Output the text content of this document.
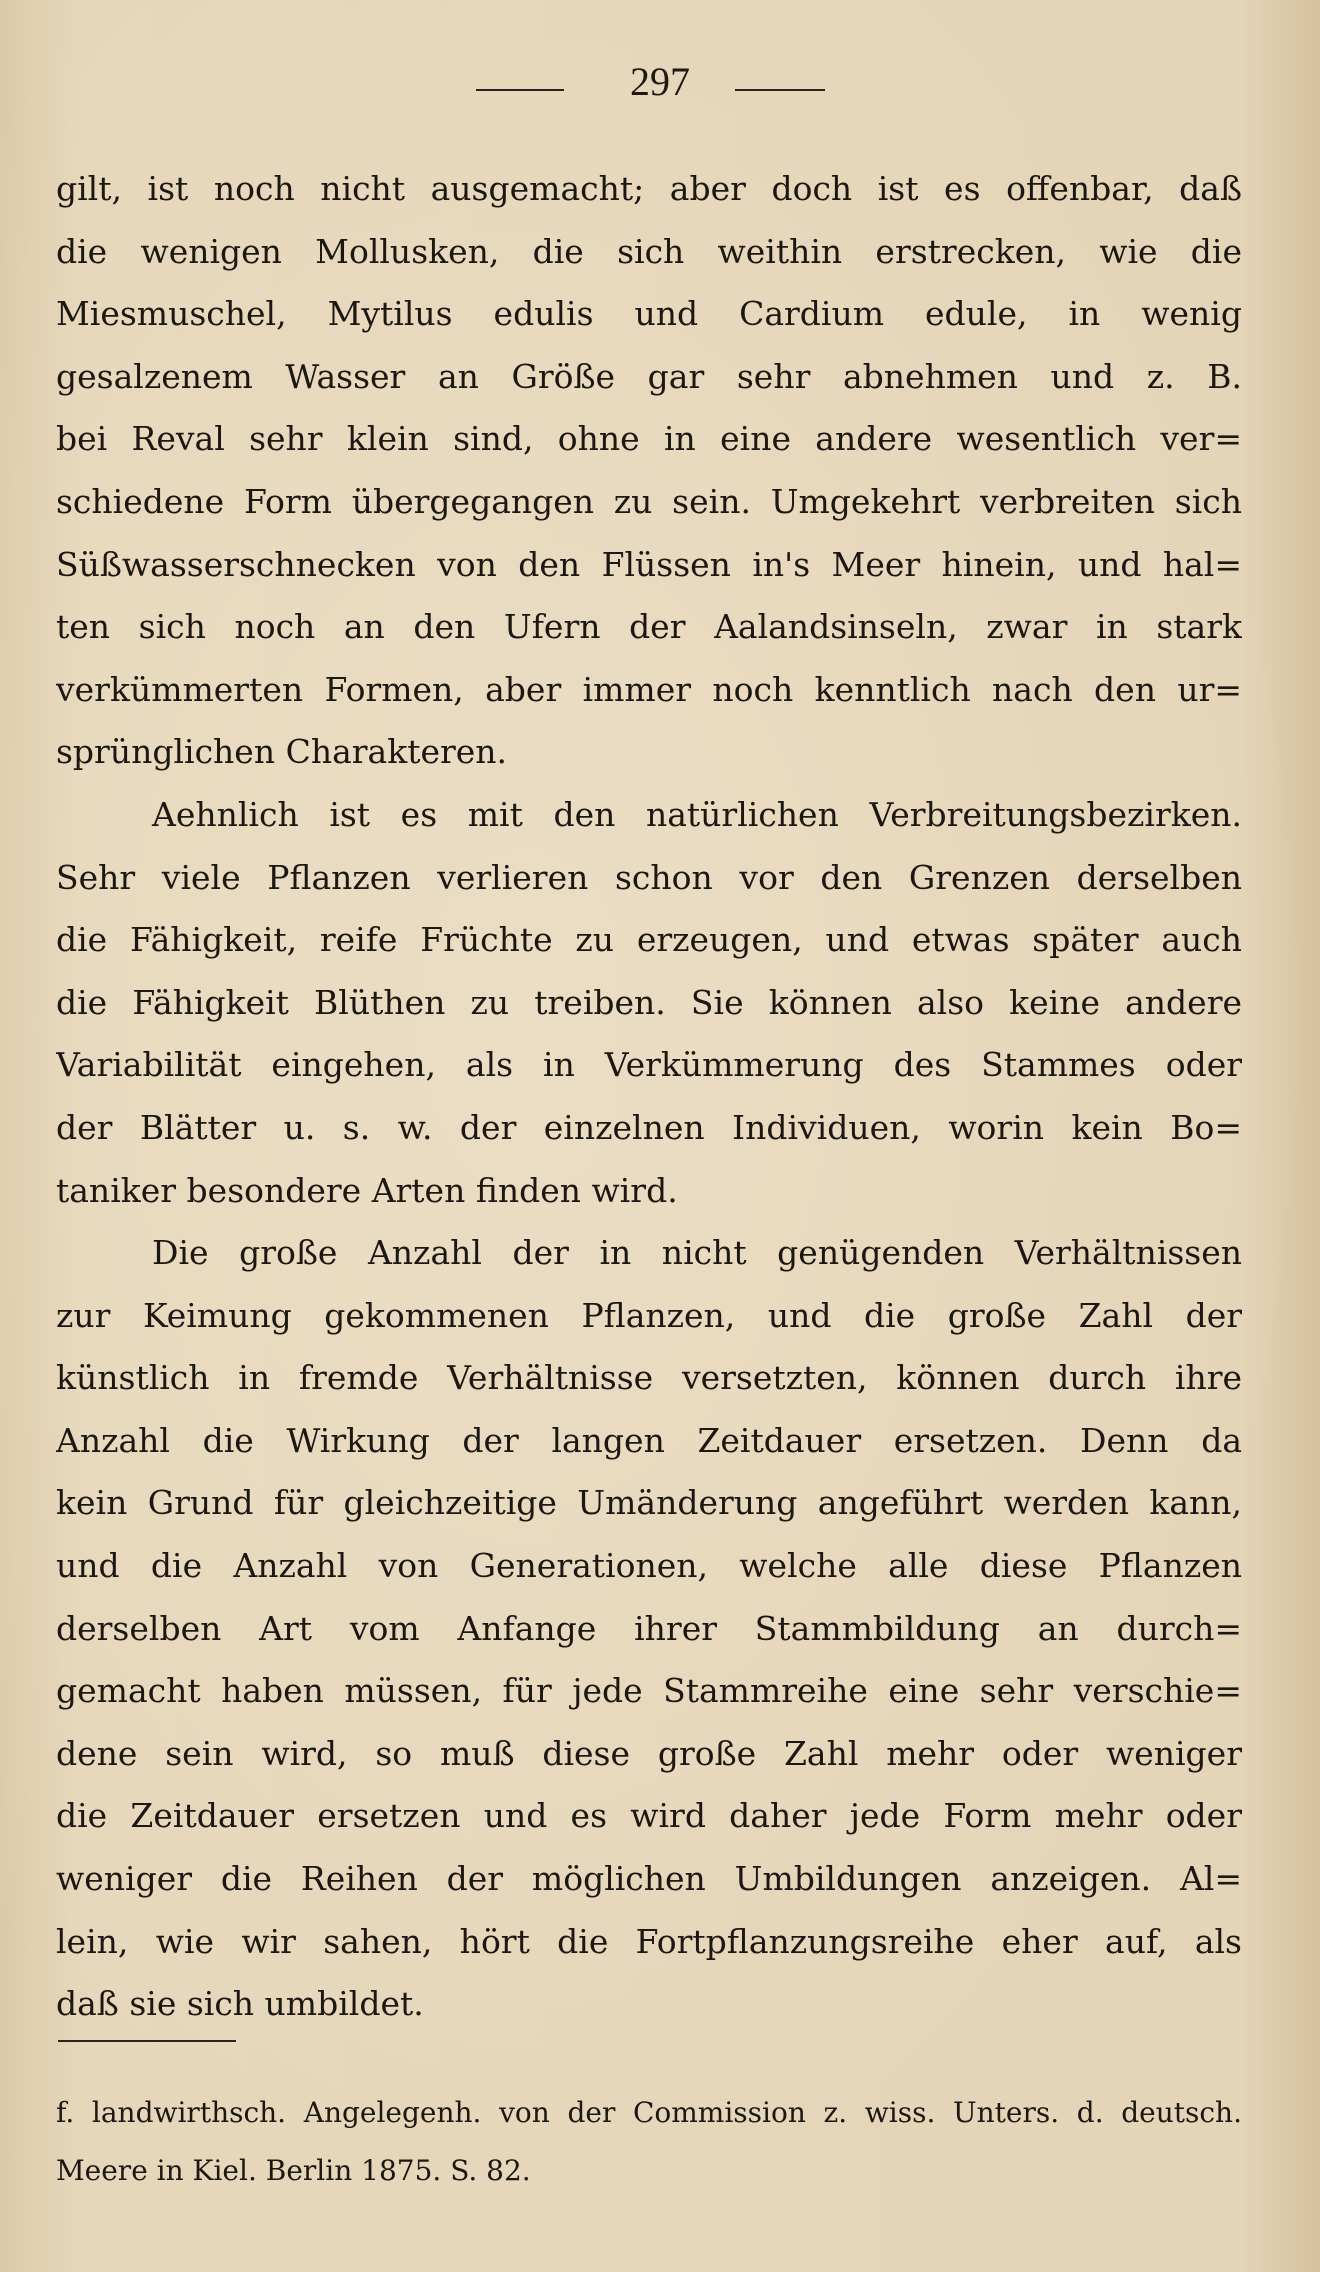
297
gilt, ist noch nicht ausgemacht; aber doch ist es offenbar, daß
die wenigen Mollusken, die sich weithin erstrecken, wie die
Miesmuschel, Mytilus edulis und Cardium edule, in wenig
gesalzenem Wasser an Größe gar sehr abnehmen und z. B.
bei Reval sehr klein sind, ohne in eine andere wesentlich ver=
schiedene Form übergegangen zu sein. Umgekehrt verbreiten sich
Süßwasserschnecken von den Flüssen in's Meer hinein, und hal=
ten sich noch an den Ufern der Aalandsinseln, zwar in stark
verkümmerten Formen, aber immer noch kenntlich nach den ur=
sprünglichen Charakteren.
Aehnlich ist es mit den natürlichen Verbreitungsbezirken.
Sehr viele Pflanzen verlieren schon vor den Grenzen derselben
die Fähigkeit, reife Früchte zu erzeugen, und etwas später auch
die Fähigkeit Blüthen zu treiben. Sie können also keine andere
Variabilität eingehen, als in Verkümmerung des Stammes oder
der Blätter u. s. w. der einzelnen Individuen, worin kein Bo=
taniker besondere Arten finden wird.
Die große Anzahl der in nicht genügenden Verhältnissen
zur Keimung gekommenen Pflanzen, und die große Zahl der
künstlich in fremde Verhältnisse versetzten, können durch ihre
Anzahl die Wirkung der langen Zeitdauer ersetzen. Denn da
kein Grund für gleichzeitige Umänderung angeführt werden kann,
und die Anzahl von Generationen, welche alle diese Pflanzen
derselben Art vom Anfange ihrer Stammbildung an durch=
gemacht haben müssen, für jede Stammreihe eine sehr verschie=
dene sein wird, so muß diese große Zahl mehr oder weniger
die Zeitdauer ersetzen und es wird daher jede Form mehr oder
weniger die Reihen der möglichen Umbildungen anzeigen. Al=
lein, wie wir sahen, hört die Fortpflanzungsreihe eher auf, als
daß sie sich umbildet.
f. landwirthsch. Angelegenh. von der Commission z. wiss. Unters. d. deutsch.
Meere in Kiel. Berlin 1875. S. 82.
